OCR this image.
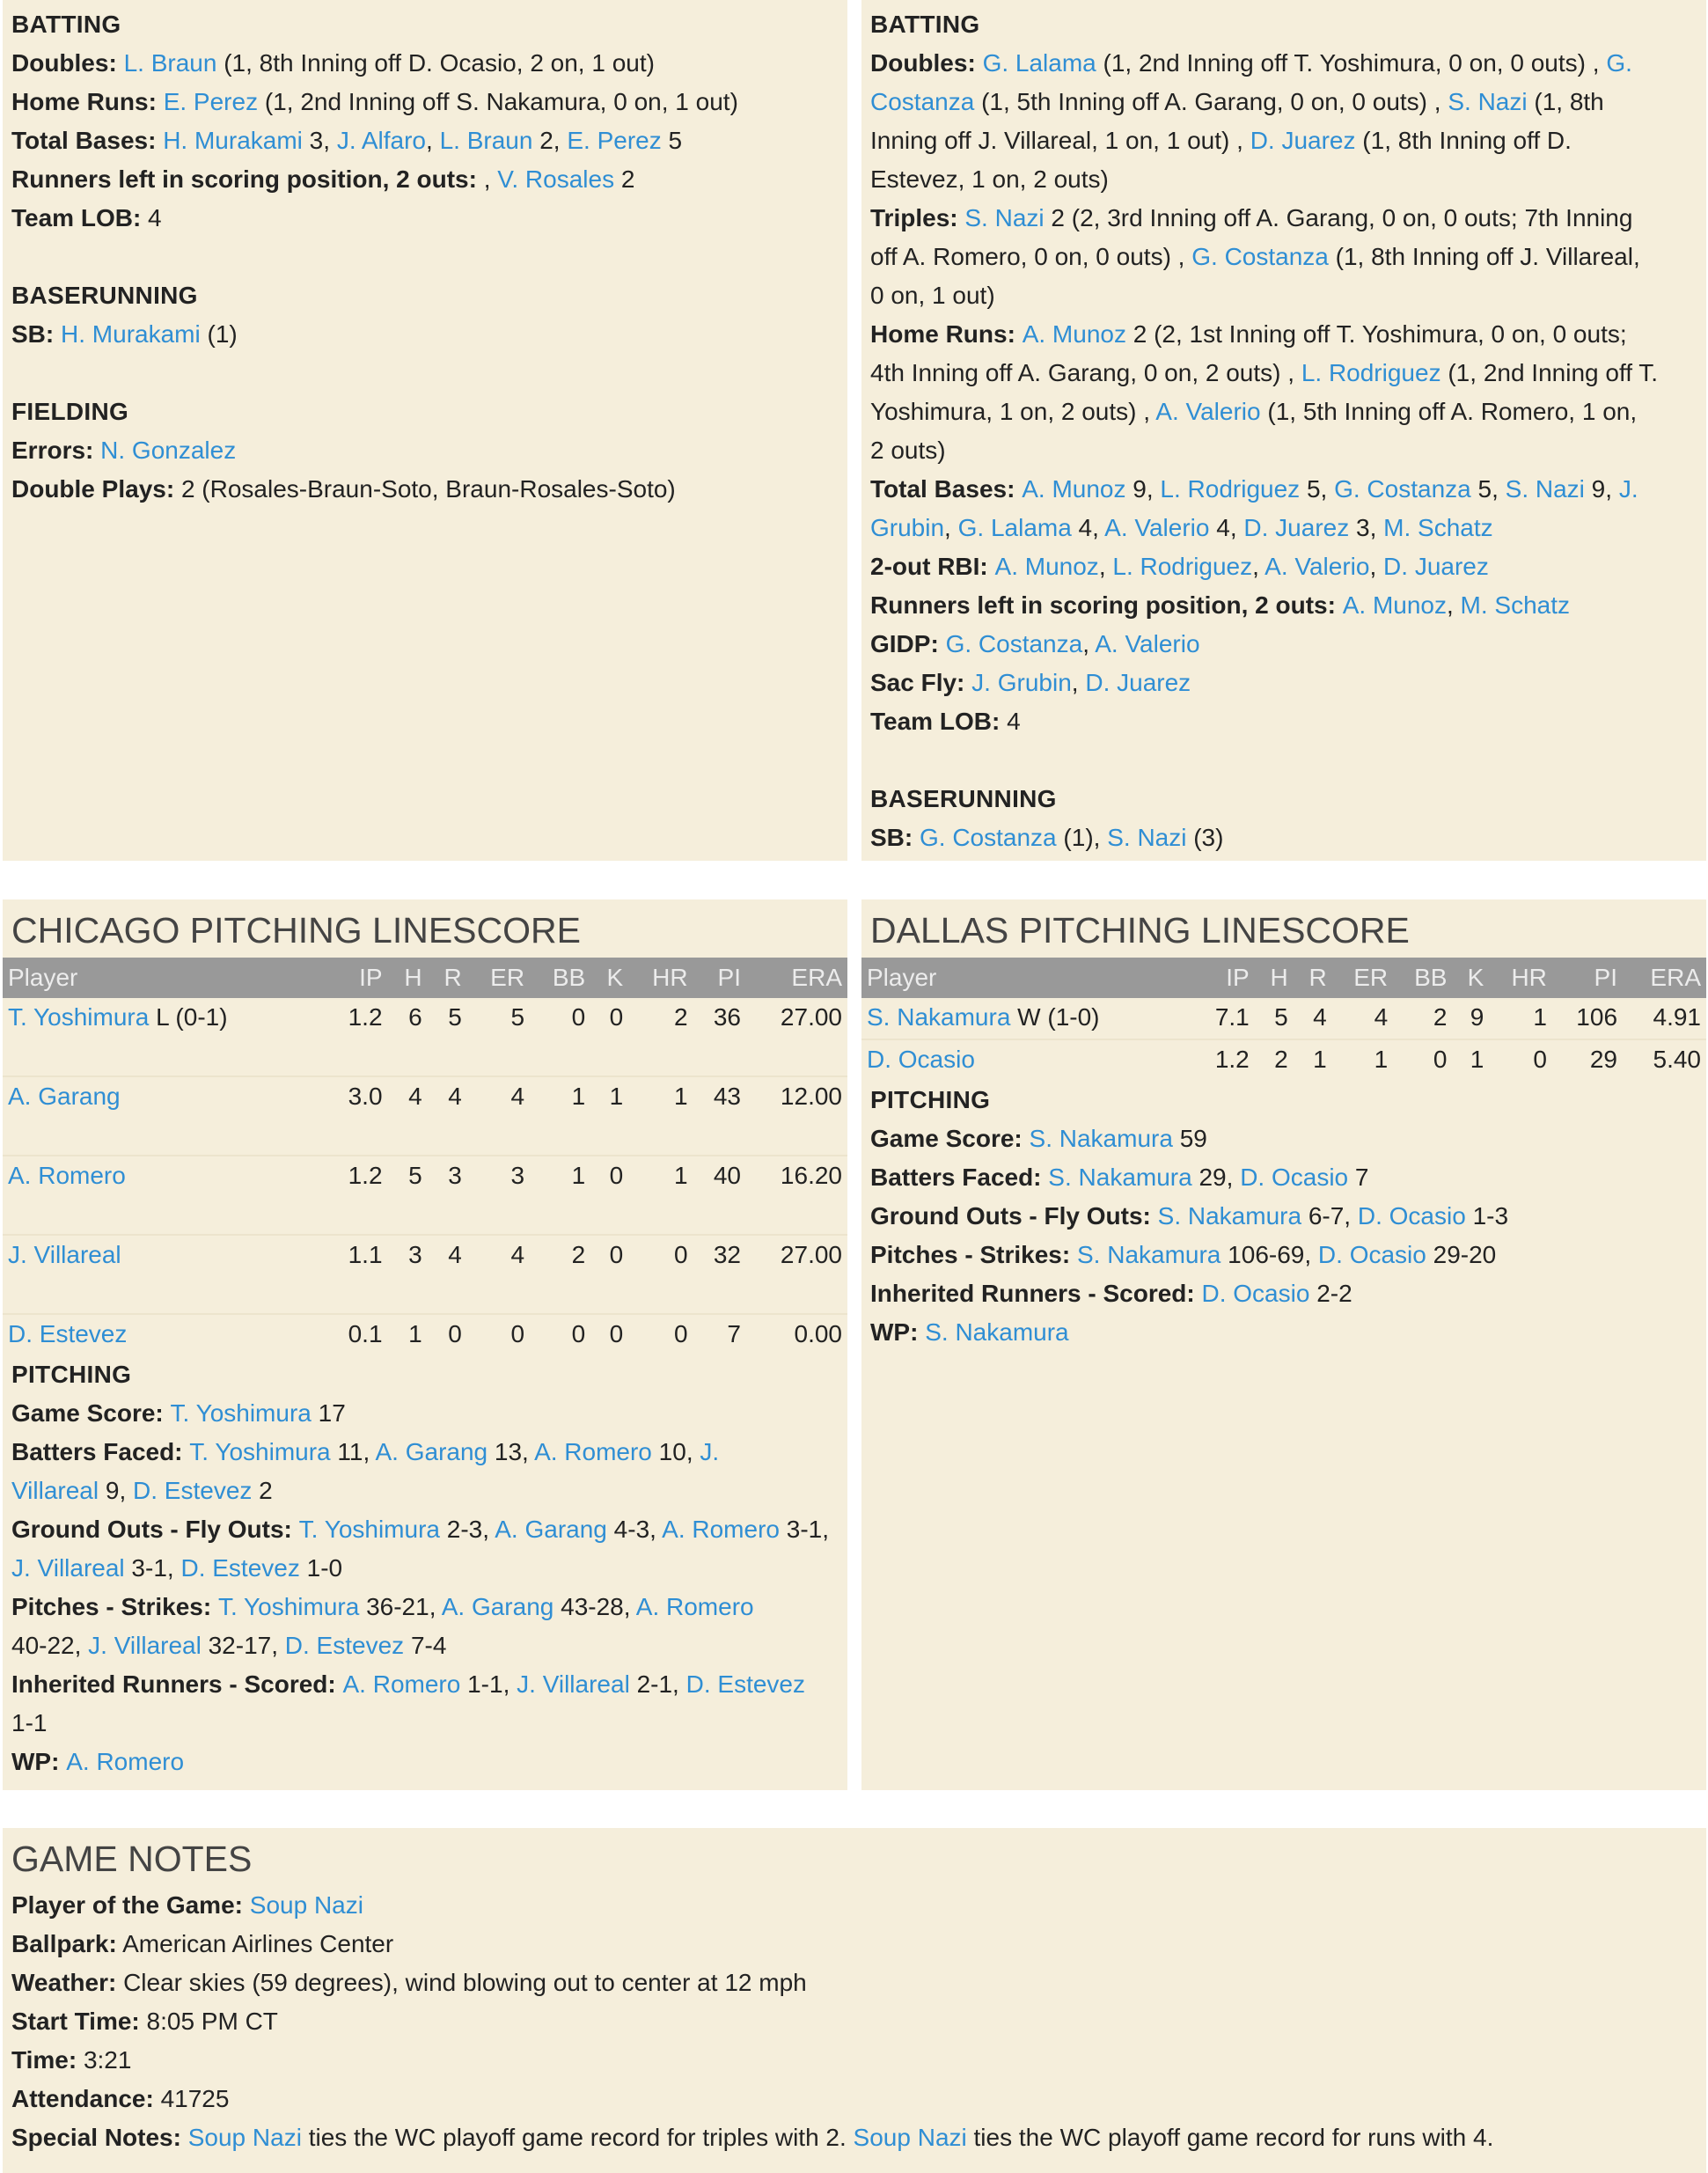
BATTING
Doubles: L. Braun (1, 8th Inning off D. Ocasio, 2 on, 1 out)
Home Runs: E. Perez (1, 2nd Inning off S. Nakamura, 0 on, 1 out)
Total Bases: H. Murakami 3, J. Alfaro, L. Braun 2, E. Perez 5
Runners left in scoring position, 2 outs: , V. Rosales 2
Team LOB: 4
BASERUNNING
SB: H. Murakami (1)
FIELDING
Errors: N. Gonzalez
Double Plays: 2 (Rosales-Braun-Soto, Braun-Rosales-Soto)
BATTING
Doubles: G. Lalama (1, 2nd Inning off T. Yoshimura, 0 on, 0 outs) , G.
Costanza (1, 5th Inning off A. Garang, 0 on, 0 outs) , S. Nazi (1, 8th
Inning off J. Villareal, 1 on, 1 out) , D. Juarez (1, 8th Inning off D.
Estevez, 1 on, 2 outs)
Triples: S. Nazi 2 (2, 3rd Inning off A. Garang, 0 on, 0 outs; 7th Inning
off A. Romero, 0 on, 0 outs) , G. Costanza (1, 8th Inning off J. Villareal,
0 on, 1 out)
Home Runs: A. Munoz 2 (2, 1st Inning off T. Yoshimura, 0 on, 0 outs;
4th Inning off A. Garang, 0 on, 2 outs) , L. Rodriguez (1, 2nd Inning off T.
Yoshimura, 1 on, 2 outs) , A. Valerio (1, 5th Inning off A. Romero, 1 on,
2 outs)
Total Bases: A. Munoz 9, L. Rodriguez 5, G. Costanza 5, S. Nazi 9, J.
Grubin, G. Lalama 4, A. Valerio 4, D. Juarez 3, M. Schatz
2-out RBI: A. Munoz, L. Rodriguez, A. Valerio, D. Juarez
Runners left in scoring position, 2 outs: A. Munoz, M. Schatz
GIDP: G. Costanza, A. Valerio
Sac Fly: J. Grubin, D. Juarez
Team LOB: 4
BASERUNNING
SB: G. Costanza (1), S. Nazi (3)
CHICAGO PITCHING LINESCORE
Player	IP	H	R	ER	BB	K	HR	PI	ERA
T. Yoshimura L (0-1)	1.2	6	5	5	0	0	2	36	27.00
A. Garang	3.0	4	4	4	1	1	1	43	12.00
A. Romero	1.2	5	3	3	1	0	1	40	16.20
J. Villareal	1.1	3	4	4	2	0	0	32	27.00
D. Estevez	0.1	1	0	0	0	0	0	7	0.00
PITCHING
Game Score: T. Yoshimura 17
Batters Faced: T. Yoshimura 11, A. Garang 13, A. Romero 10, J.
Villareal 9, D. Estevez 2
Ground Outs - Fly Outs: T. Yoshimura 2-3, A. Garang 4-3, A. Romero 3-1,
J. Villareal 3-1, D. Estevez 1-0
Pitches - Strikes: T. Yoshimura 36-21, A. Garang 43-28, A. Romero
40-22, J. Villareal 32-17, D. Estevez 7-4
Inherited Runners - Scored: A. Romero 1-1, J. Villareal 2-1, D. Estevez
1-1
WP: A. Romero
DALLAS PITCHING LINESCORE
Player	IP	H	R	ER	BB	K	HR	PI	ERA
S. Nakamura W (1-0)	7.1	5	4	4	2	9	1	106	4.91
D. Ocasio	1.2	2	1	1	0	1	0	29	5.40
PITCHING
Game Score: S. Nakamura 59
Batters Faced: S. Nakamura 29, D. Ocasio 7
Ground Outs - Fly Outs: S. Nakamura 6-7, D. Ocasio 1-3
Pitches - Strikes: S. Nakamura 106-69, D. Ocasio 29-20
Inherited Runners - Scored: D. Ocasio 2-2
WP: S. Nakamura
GAME NOTES
Player of the Game: Soup Nazi
Ballpark: American Airlines Center
Weather: Clear skies (59 degrees), wind blowing out to center at 12 mph
Start Time: 8:05 PM CT
Time: 3:21
Attendance: 41725
Special Notes: Soup Nazi ties the WC playoff game record for triples with 2. Soup Nazi ties the WC playoff game record for runs with 4.
